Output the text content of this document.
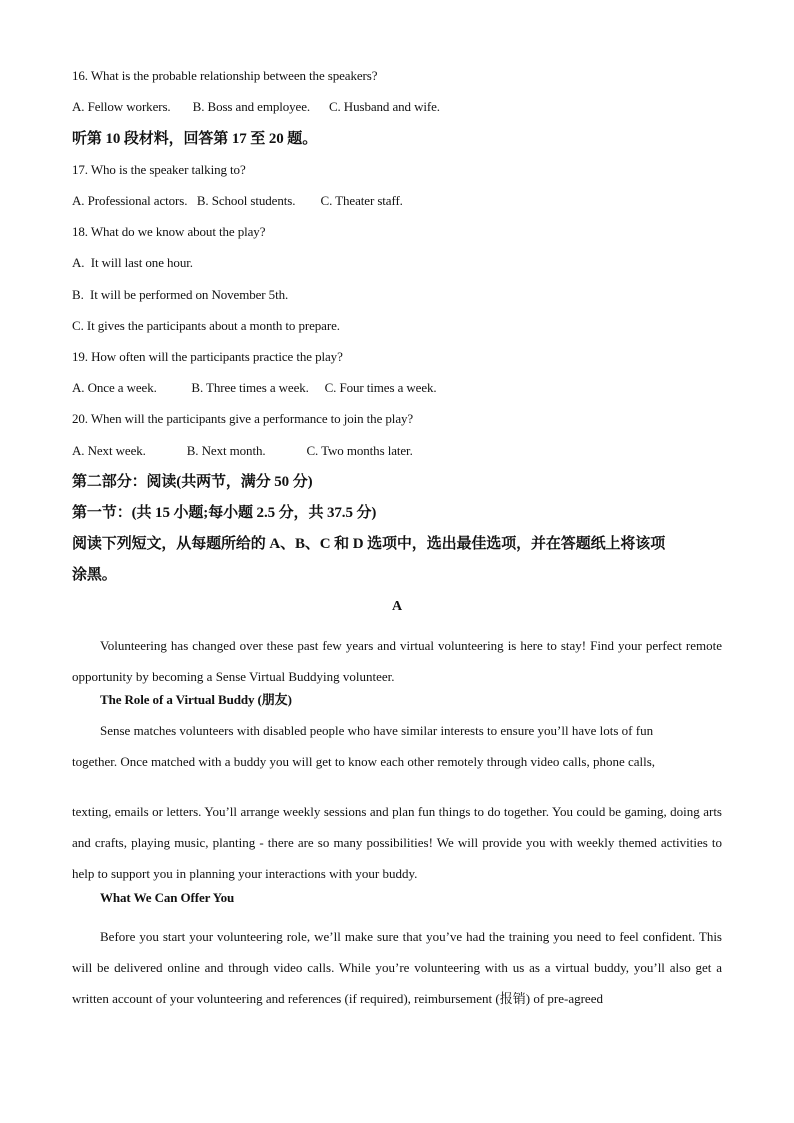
16. What is the probable relationship between the speakers?
A. Fellow workers.       B. Boss and employee.      C. Husband and wife.
听第 10 段材料，回答第 17 至 20 题。
17. Who is the speaker talking to?
A. Professional actors.   B. School students.        C. Theater staff.
18. What do we know about the play?
A.  It will last one hour.
B.  It will be performed on November 5th.
C. It gives the participants about a month to prepare.
19. How often will the participants practice the play?
A. Once a week.           B. Three times a week.     C. Four times a week.
20. When will the participants give a performance to join the play?
A. Next week.             B. Next month.             C. Two months later.
第二部分：阅读(共两节，满分 50 分)
第一节：(共 15 小题;每小题 2.5 分，共 37.5 分)
阅读下列短文，从每题所给的 A、B、C 和 D 选项中，选出最佳选项，并在答题纸上将该项
涂黑。
A
Volunteering has changed over these past few years and virtual volunteering is here to stay! Find your perfect remote opportunity by becoming a Sense Virtual Buddying volunteer.
The Role of a Virtual Buddy (朋友)
Sense matches volunteers with disabled people who have similar interests to ensure you’ll have lots of fun
together. Once matched with a buddy you will get to know each other remotely through video calls, phone calls,
texting, emails or letters. You’ll arrange weekly sessions and plan fun things to do together. You could be gaming, doing arts and crafts, playing music, planting - there are so many possibilities! We will provide you with weekly themed activities to help to support you in planning your interactions with your buddy.
What We Can Offer You
Before you start your volunteering role, we’ll make sure that you’ve had the training you need to feel confident. This will be delivered online and through video calls. While you’re volunteering with us as a virtual buddy, you’ll also get a written account of your volunteering and references (if required), reimbursement (报销) of pre-agreed
